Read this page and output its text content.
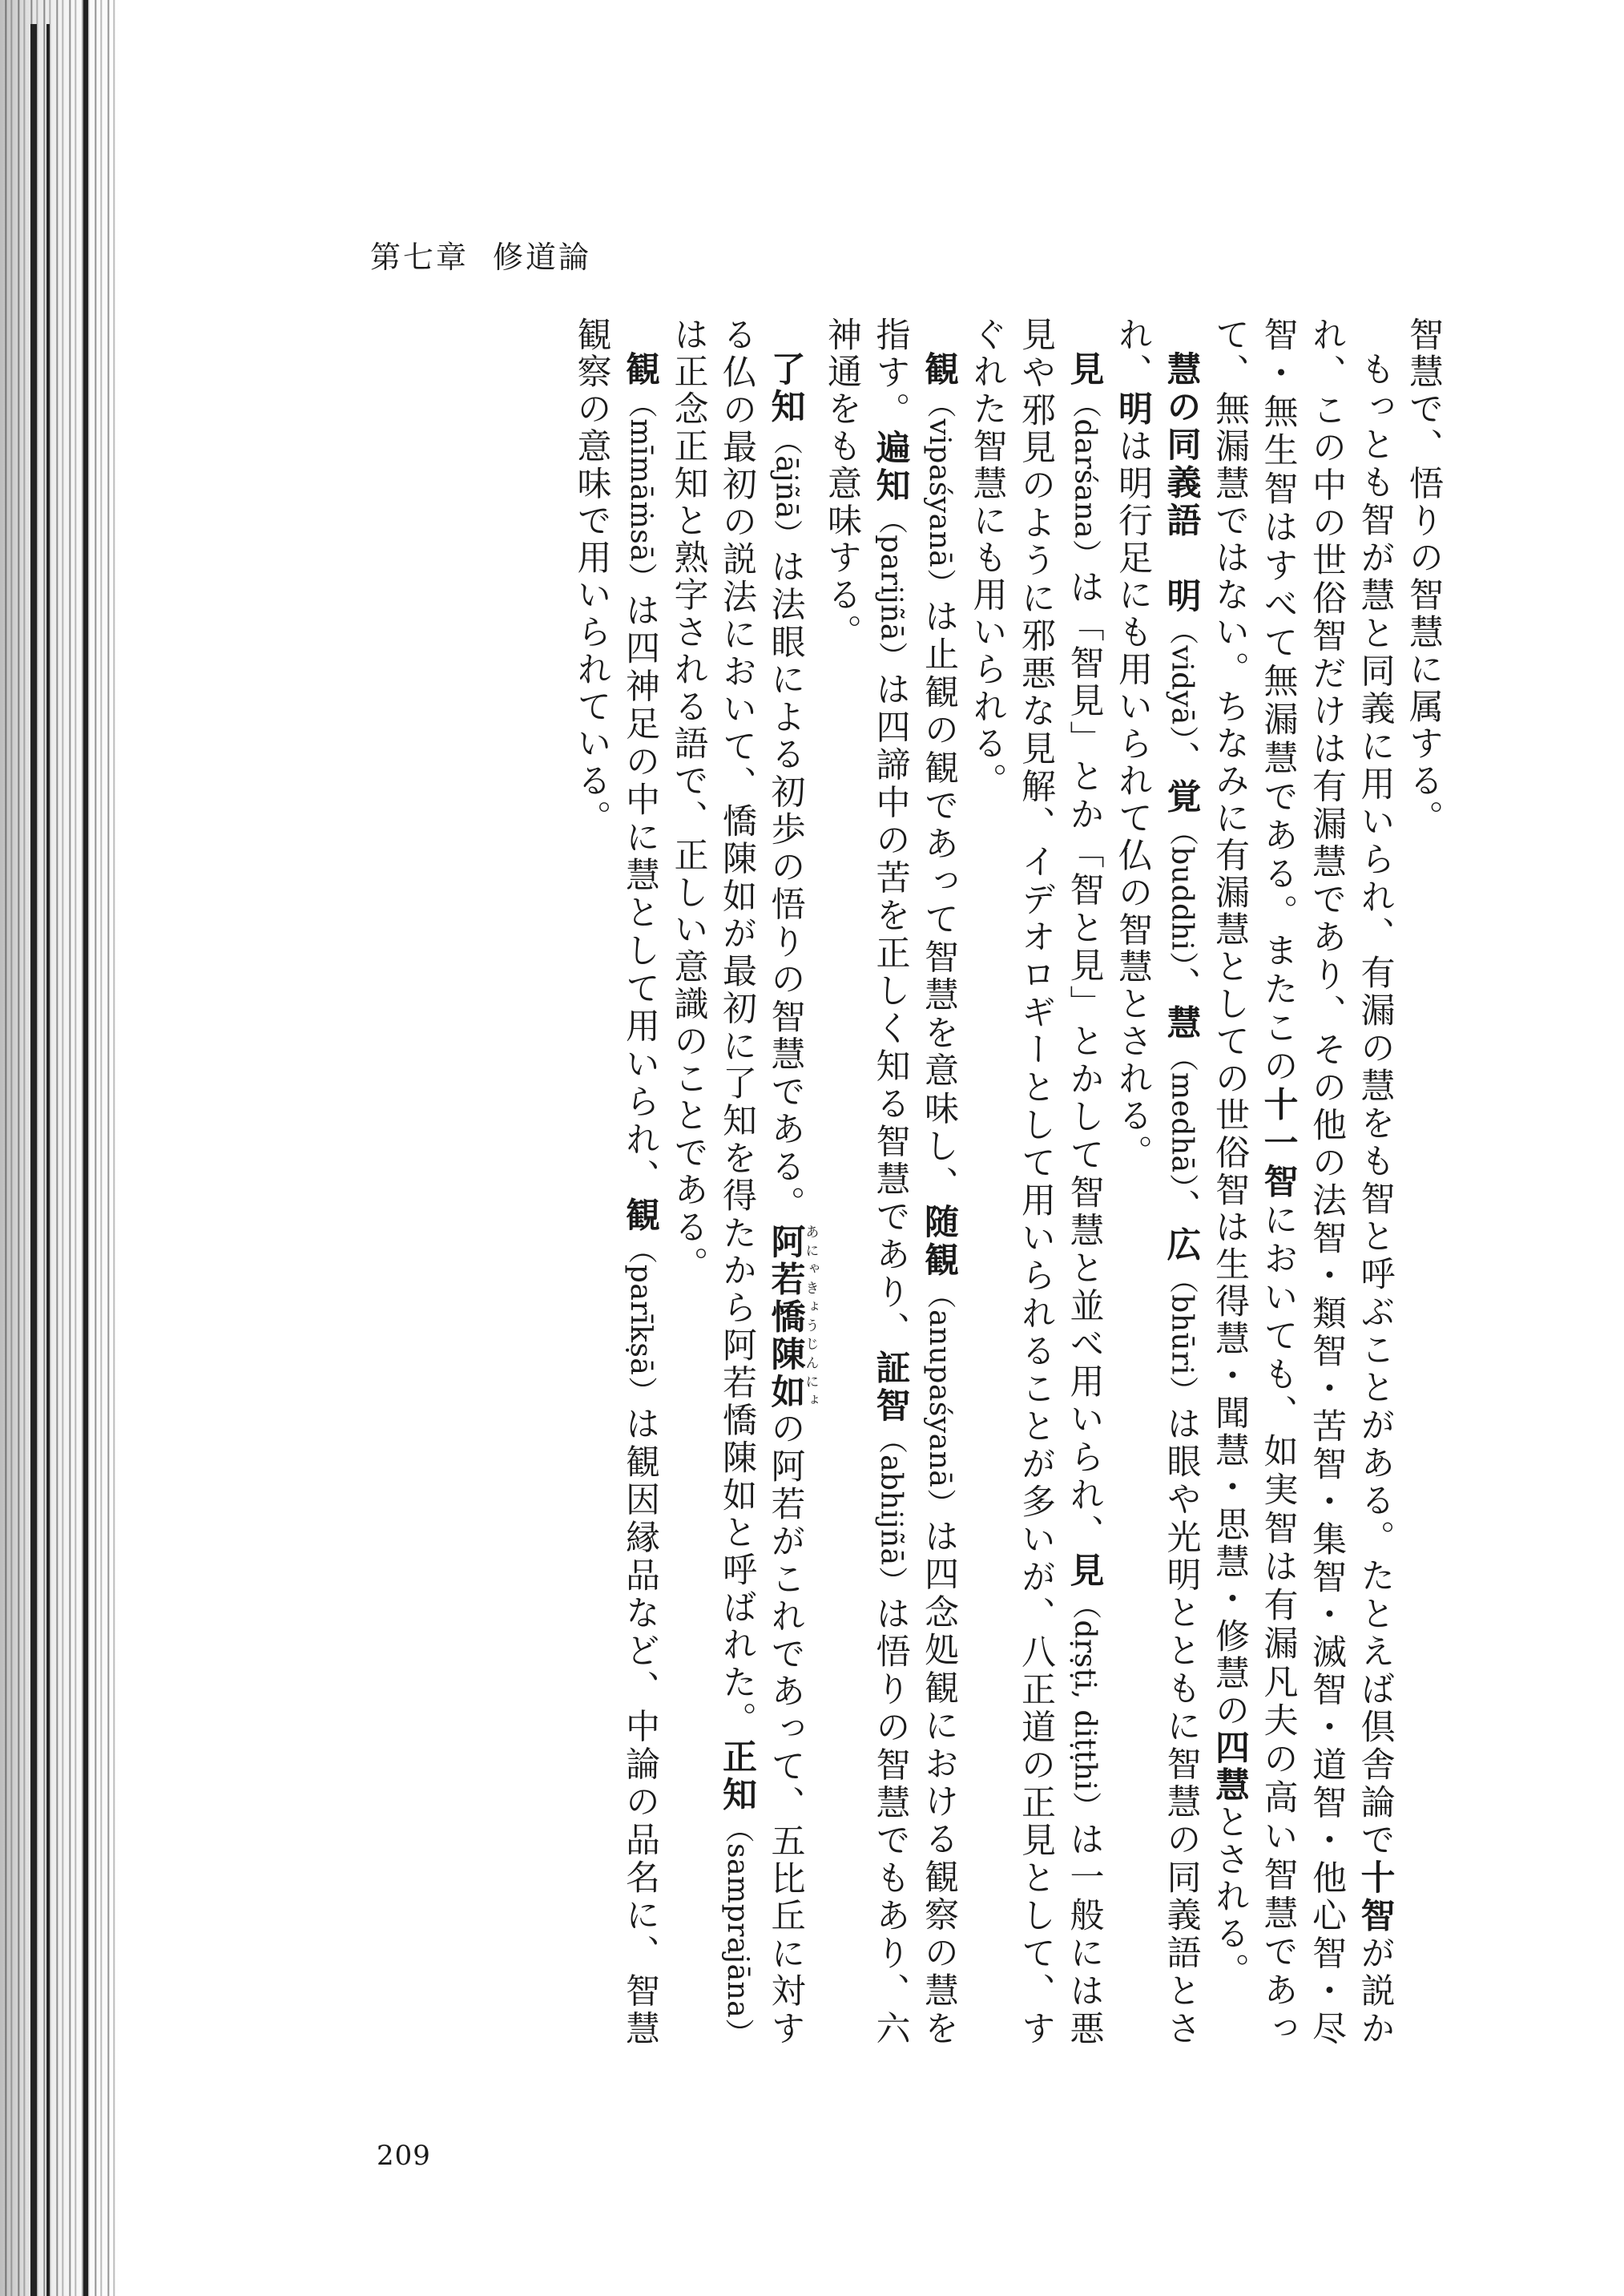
第七章 修道論

智慧で、悟りの智慧に属する。

もっとも智が慧と同義に用いられ、有漏の慧をも智と呼ぶことがある。たとえば倶舎論で十智が説かれ、この中の世俗智だけは有漏慧であり、その他の法智・類智・苦智・集智・滅智・道智・他心智・尽智・無生智はすべて無漏慧である。またこの十一智においても、如実智は有漏凡夫の高い智慧であって、無漏慧ではない。ちなみに有漏慧としての世俗智は生得慧・聞慧・思慧・修慧の四慧とされる。

慧の同義語　明（vidyā）、覚（buddhi）、慧（medhā）、広（bhūri）は眼や光明とともに智慧の同義語とされ、明は明行足にも用いられて仏の智慧とされる。

見（darśana）は「智見」とか「智と見」とかして智慧と並べ用いられ、見（dṛṣṭi, diṭṭhi）は一般には悪見や邪見のように邪悪な見解、イデオロギーとして用いられることが多いが、八正道の正見として、すぐれた智慧にも用いられる。

観（vipaśyanā）は止観の観であって智慧を意味し、随観（anupaśyanā）は四念処観における観察の慧を指す。遍知（parijñā）は四諦中の苦を正しく知る智慧であり、証智（abhijñā）は悟りの智慧でもあり、六神通をも意味する。

了知（ājñā）は法眼による初歩の悟りの智慧である。阿若憍陳如あにゃきょうじんにょの阿若がこれであって、五比丘に対する仏の最初の説法において、憍陳如が最初に了知を得たから阿若憍陳如と呼ばれた。正知（samprajāna）は正念正知と熟字される語で、正しい意識のことである。

観（mīmāṁsā）は四神足の中に慧として用いられ、観（parīkṣā）は観因縁品など、中論の品名に、智慧観察の意味で用いられている。

209
